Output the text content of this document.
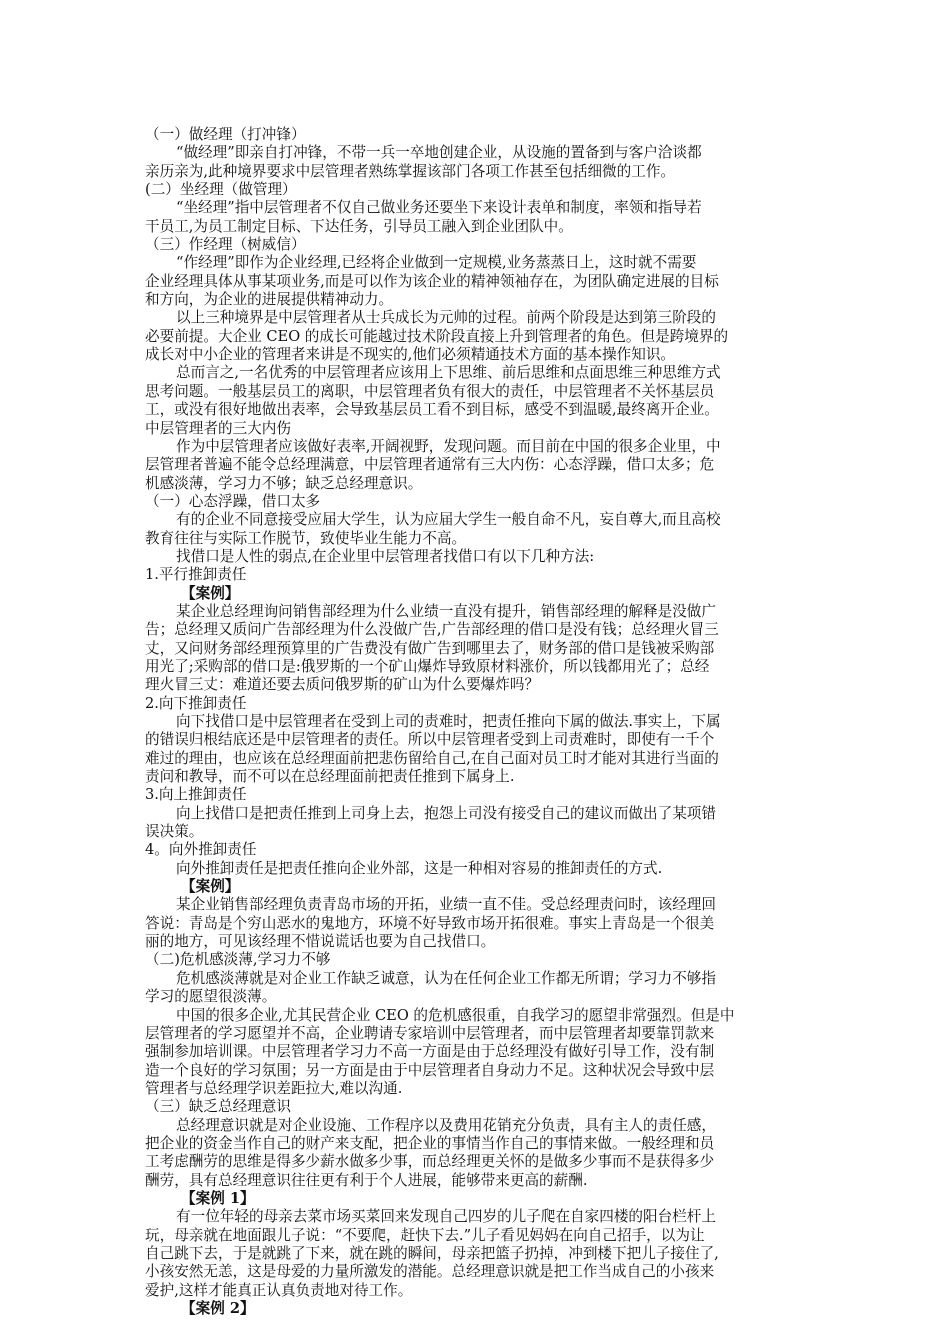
（一）做经理（打冲锋）
“做经理”即亲自打冲锋，不带一兵一卒地创建企业，从设施的置备到与客户洽谈都
亲历亲为,此种境界要求中层管理者熟练掌握该部门各项工作甚至包括细微的工作。
(二）坐经理（做管理）
“坐经理”指中层管理者不仅自己做业务还要坐下来设计表单和制度，率领和指导若
干员工,为员工制定目标、下达任务，引导员工融入到企业团队中。
（三）作经理（树威信）
“作经理”即作为企业经理,已经将企业做到一定规模,业务蒸蒸日上，这时就不需要
企业经理具体从事某项业务,而是可以作为该企业的精神领袖存在，为团队确定进展的目标
和方向，为企业的进展提供精神动力。
以上三种境界是中层管理者从士兵成长为元帅的过程。前两个阶段是达到第三阶段的
必要前提。大企业 CEO 的成长可能越过技术阶段直接上升到管理者的角色。但是跨境界的
成长对中小企业的管理者来讲是不现实的,他们必须精通技术方面的基本操作知识。
总而言之,一名优秀的中层管理者应该用上下思维、前后思维和点面思维三种思维方式
思考问题。一般基层员工的离职，中层管理者负有很大的责任，中层管理者不关怀基层员
工，或没有很好地做出表率，会导致基层员工看不到目标，感受不到温暖,最终离开企业。
中层管理者的三大内伤
作为中层管理者应该做好表率,开阔视野，发现问题。而目前在中国的很多企业里，中
层管理者普遍不能令总经理满意，中层管理者通常有三大内伤：心态浮躁，借口太多；危
机感淡薄，学习力不够；缺乏总经理意识。
（一）心态浮躁，借口太多
有的企业不同意接受应届大学生，认为应届大学生一般自命不凡，妄自尊大,而且高校
教育往往与实际工作脱节，致使毕业生能力不高。
找借口是人性的弱点,在企业里中层管理者找借口有以下几种方法:
1.平行推卸责任
【案例】
某企业总经理询问销售部经理为什么业绩一直没有提升，销售部经理的解释是没做广
告；总经理又质问广告部经理为什么没做广告,广告部经理的借口是没有钱；总经理火冒三
丈，又问财务部经理预算里的广告费没有做广告到哪里去了，财务部的借口是钱被采购部
用光了;采购部的借口是:俄罗斯的一个矿山爆炸导致原材料涨价，所以钱都用光了；总经
理火冒三丈：难道还要去质问俄罗斯的矿山为什么要爆炸吗？
2.向下推卸责任
向下找借口是中层管理者在受到上司的责难时，把责任推向下属的做法.事实上，下属
的错误归根结底还是中层管理者的责任。所以中层管理者受到上司责难时，即使有一千个
难过的理由，也应该在总经理面前把悲伤留给自己,在自己面对员工时才能对其进行当面的
责问和教导，而不可以在总经理面前把责任推到下属身上.
3.向上推卸责任
向上找借口是把责任推到上司身上去，抱怨上司没有接受自己的建议而做出了某项错
误决策。
4。向外推卸责任
向外推卸责任是把责任推向企业外部，这是一种相对容易的推卸责任的方式.
【案例】
某企业销售部经理负责青岛市场的开拓，业绩一直不佳。受总经理责问时，该经理回
答说：青岛是个穷山恶水的鬼地方，环境不好导致市场开拓很难。事实上青岛是一个很美
丽的地方，可见该经理不惜说谎话也要为自己找借口。
（二)危机感淡薄,学习力不够
危机感淡薄就是对企业工作缺乏诚意，认为在任何企业工作都无所谓；学习力不够指
学习的愿望很淡薄。
中国的很多企业,尤其民营企业 CEO 的危机感很重，自我学习的愿望非常强烈。但是中
层管理者的学习愿望并不高，企业聘请专家培训中层管理者，而中层管理者却要靠罚款来
强制参加培训课。中层管理者学习力不高一方面是由于总经理没有做好引导工作，没有制
造一个良好的学习氛围；另一方面是由于中层管理者自身动力不足。这种状况会导致中层
管理者与总经理学识差距拉大,难以沟通.
（三）缺乏总经理意识
总经理意识就是对企业设施、工作程序以及费用花销充分负责，具有主人的责任感，
把企业的资金当作自己的财产来支配，把企业的事情当作自己的事情来做。一般经理和员
工考虑酬劳的思维是得多少薪水做多少事，而总经理更关怀的是做多少事而不是获得多少
酬劳，具有总经理意识往往更有利于个人进展，能够带来更高的薪酬.
【案例 1】
有一位年轻的母亲去菜市场买菜回来发现自己四岁的儿子爬在自家四楼的阳台栏杆上
玩，母亲就在地面跟儿子说：“不要爬，赶快下去.”儿子看见妈妈在向自己招手，以为让
自己跳下去，于是就跳了下来，就在跳的瞬间，母亲把篮子扔掉，冲到楼下把儿子接住了,
小孩安然无恙，这是母爱的力量所激发的潜能。总经理意识就是把工作当成自己的小孩来
爱护,这样才能真正认真负责地对待工作。
【案例 2】
